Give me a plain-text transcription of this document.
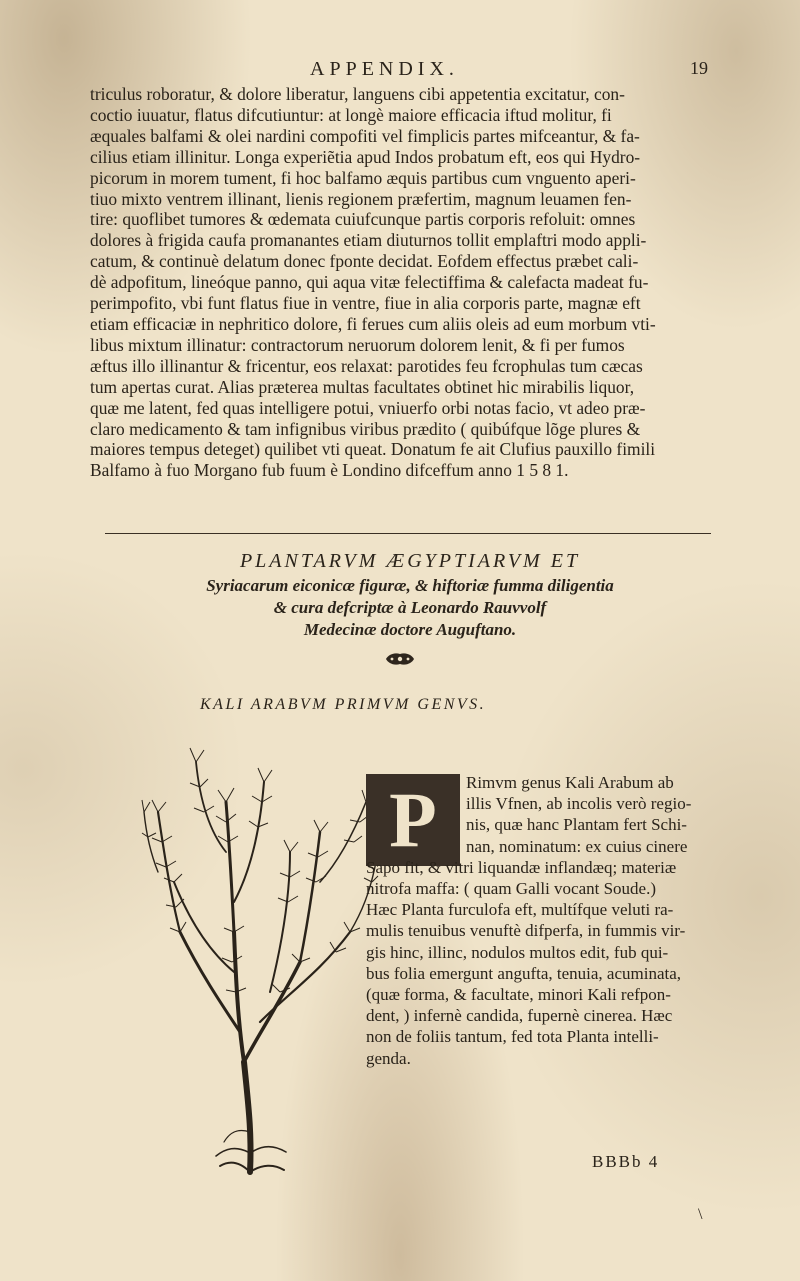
APPENDIX.	19
triculus roboratur, & dolore liberatur, languens cibi appetentia excitatur, con-
coctio iuuatur, flatus difcutiuntur: at longè maiore efficacia iftud molitur, fi
æquales balfami & olei nardini compofiti vel fimplicis partes mifceantur, & fa-
cilius etiam illinitur. Longa experiẽtia apud Indos probatum eft, eos qui Hydro-
picorum in morem tument, fi hoc balfamo æquis partibus cum vnguento aperi-
tiuo mixto ventrem illinant, lienis regionem præfertim, magnum leuamen fen-
tire: quoflibet tumores & œdemata cuiufcunque partis corporis refoluit: omnes
dolores à frigida caufa promanantes etiam diuturnos tollit emplaftri modo appli-
catum, & continuè delatum donec fponte decidat. Eofdem effectus præbet cali-
dè adpofitum, lineóque panno, qui aqua vitæ felectiffima & calefacta madeat fu-
perimpofito, vbi funt flatus fiue in ventre, fiue in alia corporis parte, magnæ eft
etiam efficaciæ in nephritico dolore, fi ferues cum aliis oleis ad eum morbum vti-
libus mixtum illinatur: contractorum neruorum dolorem lenit, & fi per fumos
æftus illo illinantur & fricentur, eos relaxat: parotides feu fcrophulas tum cæcas
tum apertas curat. Alias præterea multas facultates obtinet hic mirabilis liquor,
quæ me latent, fed quas intelligere potui, vniuerfo orbi notas facio, vt adeo præ-
claro medicamento & tam infignibus viribus prædito ( quibúfque lõge plures &
maiores tempus deteget) quilibet vti queat. Donatum fe ait Clufius pauxillo fimili
Balfamo à fuo Morgano fub fuum è Londino difceffum anno 1 5 8 1.
PLANTARVM ÆGYPTIARVM ET
Syriacarum eiconicæ figuræ, & hiftoriæ fumma diligentia
& cura defcriptæ à Leonardo Rauvvolf
Medecinæ doctore Auguftano.
KALI ARABVM PRIMVM GENVS.
P	Rimvm genus Kali Arabum ab
illis Vfnen, ab incolis verò regio-
nis, quæ hanc Plantam fert Schi-
nan, nominatum: ex cuius cinere
Sapo fit, & vitri liquandæ inflandæq; materiæ
nitrofa maffa: ( quam Galli vocant Soude.)
Hæc Planta furculofa eft, multífque veluti ra-
mulis tenuibus venuftè difperfa, in fummis vir-
gis hinc, illinc, nodulos multos edit, fub qui-
bus folia emergunt angufta, tenuia, acuminata,
(quæ forma, & facultate, minori Kali refpon-
dent, ) infernè candida, fupernè cinerea. Hæc
non de foliis tantum, fed tota Planta intelli-
genda.
BBBb 4
\
